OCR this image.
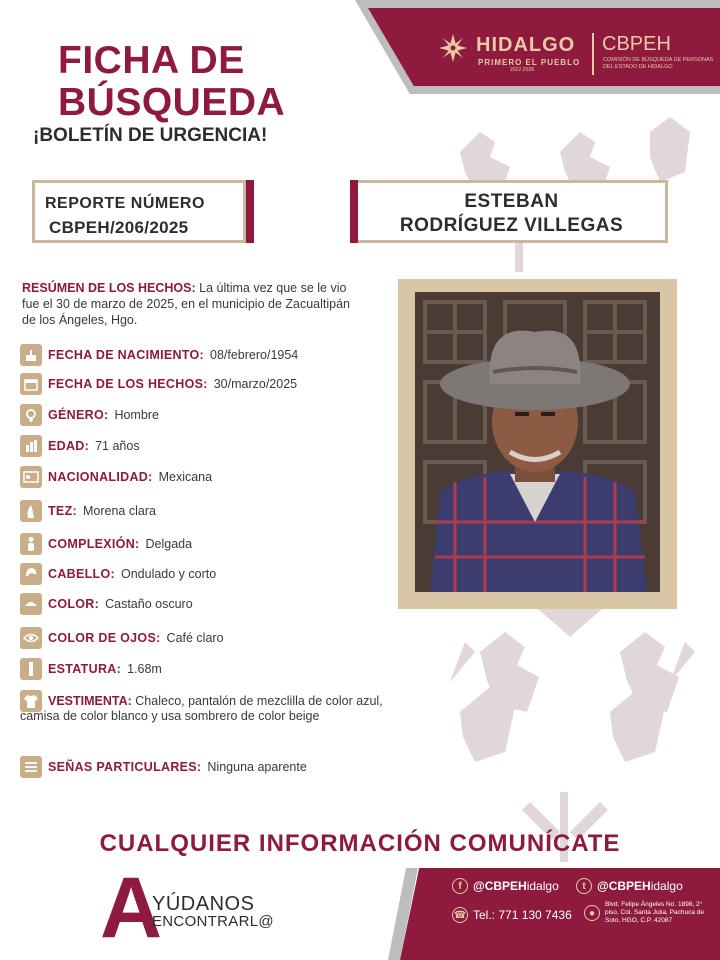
FICHA DE
BÚSQUEDA
¡BOLETÍN DE URGENCIA!
HIDALGO
PRIMERO EL PUEBLO
2022-2028
CBPEH
COMISIÓN DE BÚSQUEDA DE PERSONAS DEL ESTADO DE HIDALGO
REPORTE NÚMERO
CBPEH/206/2025
ESTEBAN
RODRÍGUEZ VILLEGAS
RESÚMEN DE LOS HECHOS: La última vez que se le vio fue el 30 de marzo de 2025, en el municipio de Zacualtipán de los Ángeles, Hgo.
FECHA DE NACIMIENTO: 08/febrero/1954
FECHA DE LOS HECHOS: 30/marzo/2025
GÉNERO: Hombre
EDAD: 71 años
NACIONALIDAD: Mexicana
TEZ: Morena clara
COMPLEXIÓN: Delgada
CABELLO: Ondulado y corto
COLOR: Castaño oscuro
COLOR DE OJOS: Café claro
ESTATURA: 1.68m
VESTIMENTA: Chaleco, pantalón de mezclilla de color azul, camisa de color blanco y usa sombrero de color beige
SEÑAS PARTICULARES: Ninguna aparente
CUALQUIER INFORMACIÓN COMUNÍCATE
A
YÚDANOS
ENCONTRARL@
f @CBPEH idalgo	t @CBPEH idalgo
☎ Tel.: 771 130 7436	●
Blvd. Felipe Ángeles No. 1898, 2° piso, Col. Santa Julia, Pachuca de Soto, HGO, C.P. 42087
